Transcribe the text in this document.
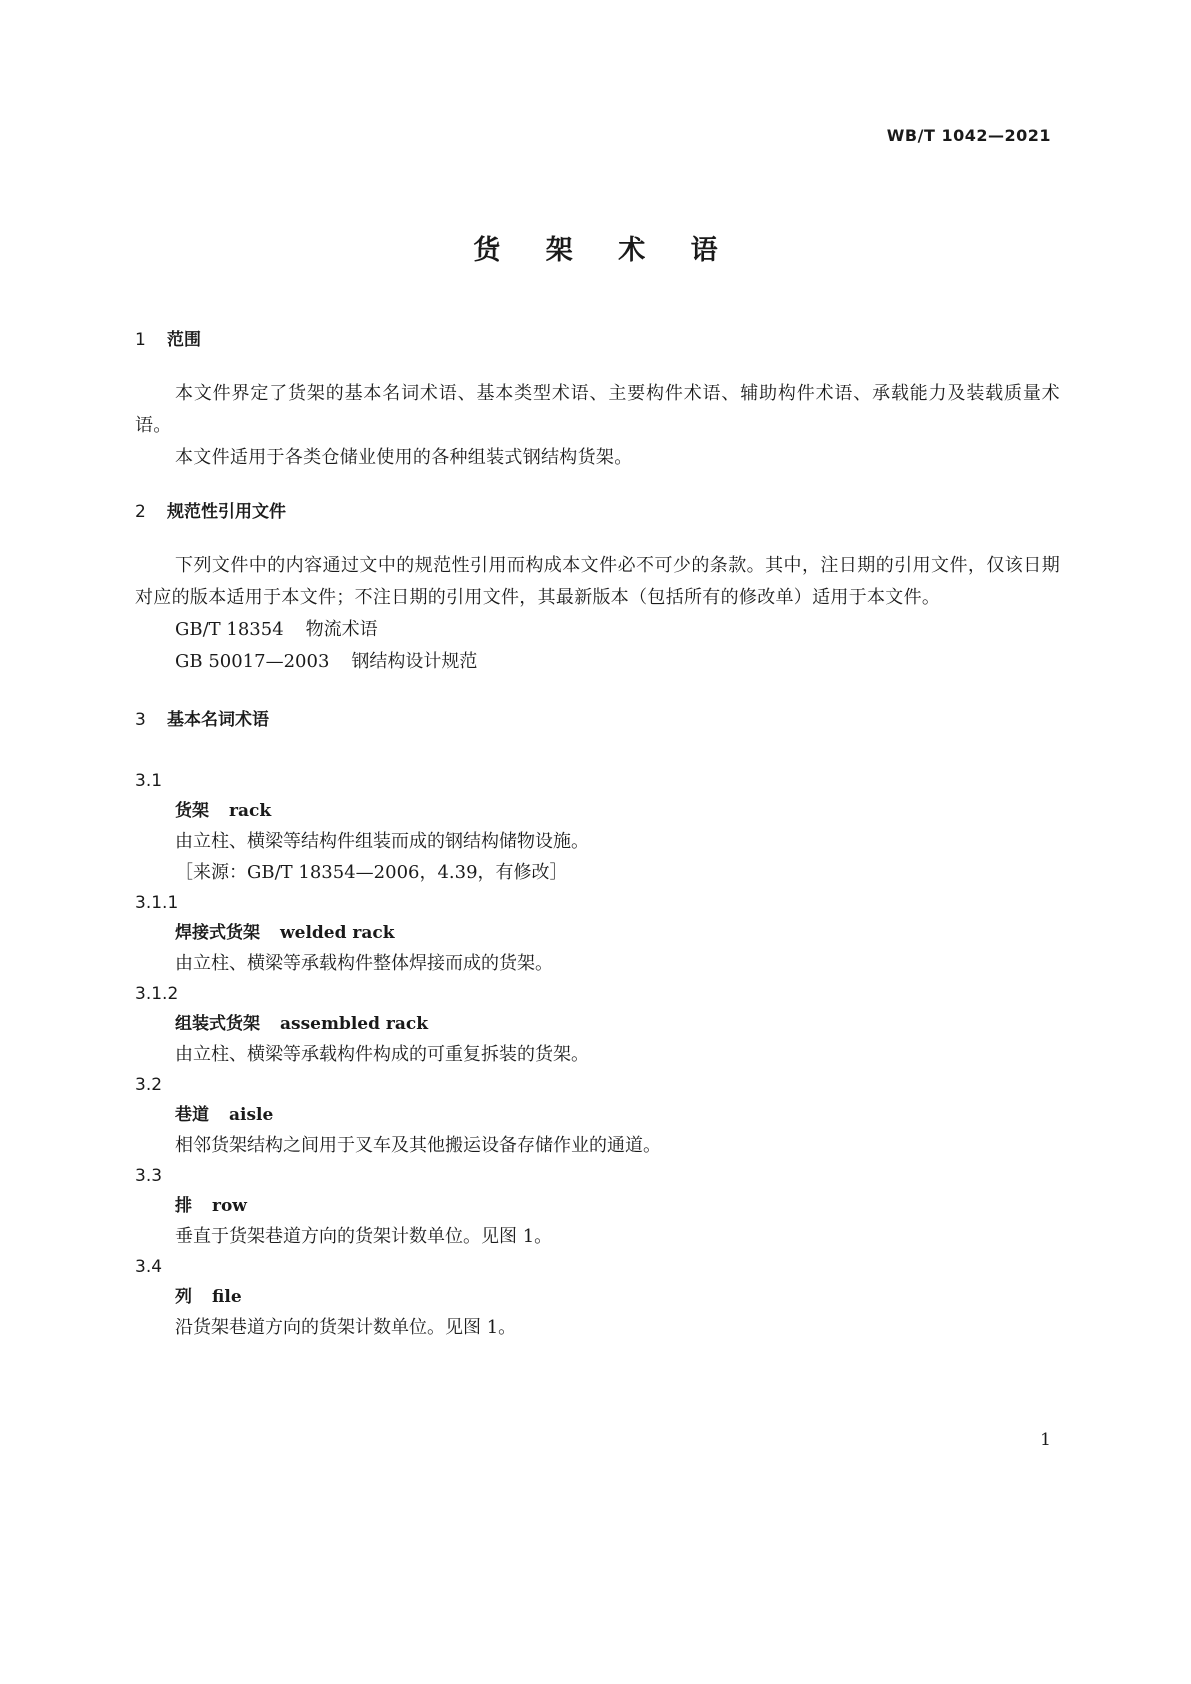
WB/T 1042—2021
货 架 术 语

1 范围

本文件界定了货架的基本名词术语、基本类型术语、主要构件术语、辅助构件术语、承载能力及装载质量术语。

本文件适用于各类仓储业使用的各种组装式钢结构货架。

2 规范性引用文件

下列文件中的内容通过文中的规范性引用而构成本文件必不可少的条款。其中，注日期的引用文件，仅该日期对应的版本适用于本文件；不注日期的引用文件，其最新版本（包括所有的修改单）适用于本文件。

GB/T 18354 物流术语

GB 50017—2003 钢结构设计规范

3 基本名词术语

3.1

货架 rack

由立柱、横梁等结构件组装而成的钢结构储物设施。

［来源：GB/T 18354—2006，4.39，有修改］

3.1.1

焊接式货架 welded rack

由立柱、横梁等承载构件整体焊接而成的货架。

3.1.2

组装式货架 assembled rack

由立柱、横梁等承载构件构成的可重复拆装的货架。

3.2

巷道 aisle

相邻货架结构之间用于叉车及其他搬运设备存储作业的通道。

3.3

排 row

垂直于货架巷道方向的货架计数单位。见图 1。

3.4

列 file

沿货架巷道方向的货架计数单位。见图 1。

1
